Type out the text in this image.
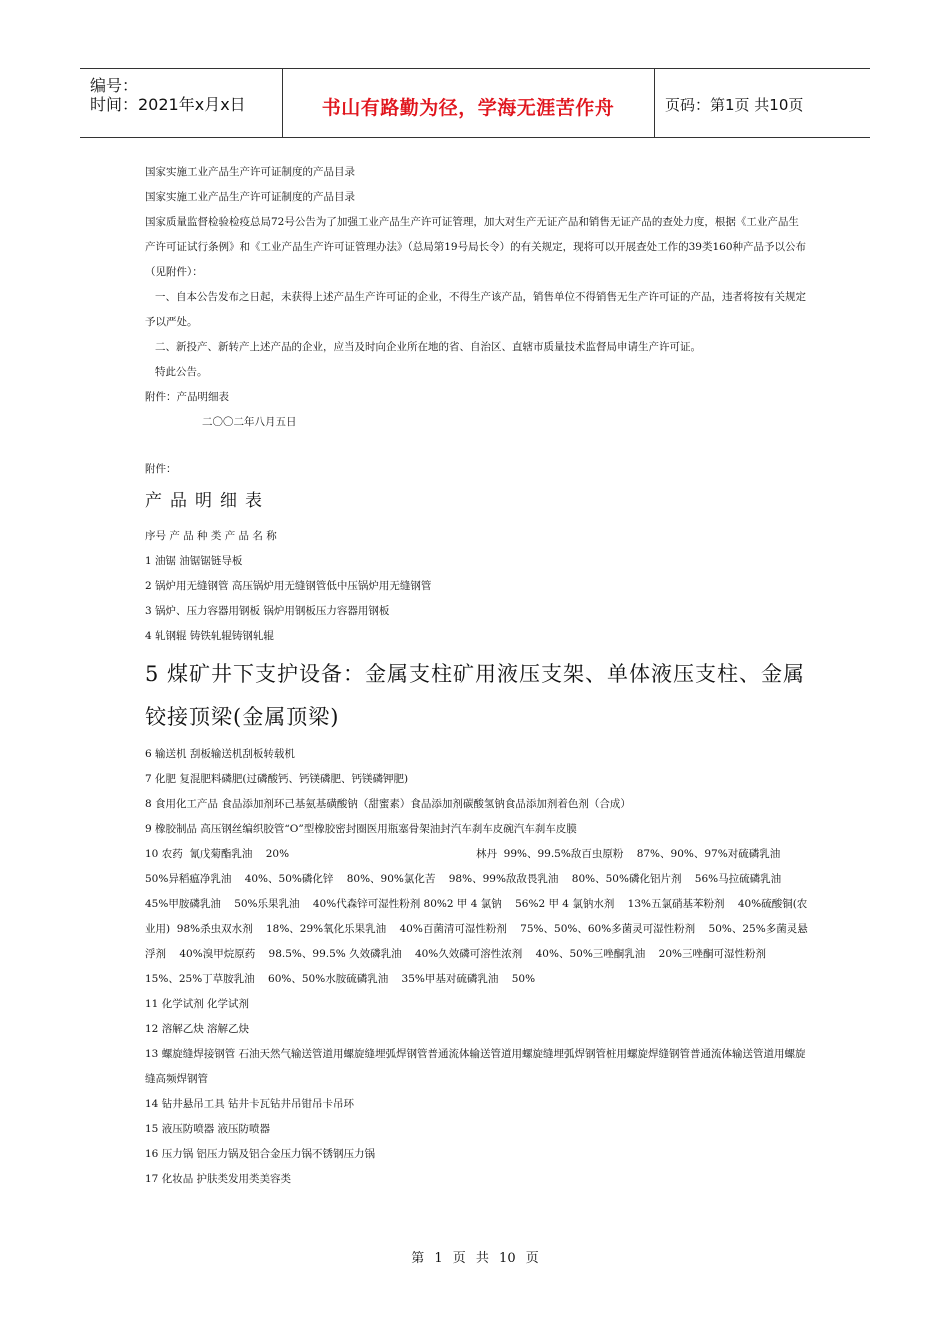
编号：
时间：2021年x月x日	书山有路勤为径，学海无涯苦作舟	页码：第1页 共10页

国家实施工业产品生产许可证制度的产品目录

国家实施工业产品生产许可证制度的产品目录

国家质量监督检验检疫总局72号公告为了加强工业产品生产许可证管理，加大对生产无证产品和销售无证产品的查处力度，根据《工业产品生产许可证试行条例》和《工业产品生产许可证管理办法》（总局第19号局长令）的有关规定，现将可以开展查处工作的39类160种产品予以公布（见附件）：

一、自本公告发布之日起，未获得上述产品生产许可证的企业，不得生产该产品，销售单位不得销售无生产许可证的产品，违者将按有关规定予以严处。

二、新投产、新转产上述产品的企业，应当及时向企业所在地的省、自治区、直辖市质量技术监督局申请生产许可证。

特此公告。

附件：产品明细表

二〇〇二年八月五日

附件：

产品明细表

序号 产 品 种 类 产 品 名 称

1 油锯 油锯锯链导板

2 锅炉用无缝钢管 高压锅炉用无缝钢管低中压锅炉用无缝钢管

3 锅炉、压力容器用钢板 锅炉用钢板压力容器用钢板

4 轧钢辊 铸铁轧辊铸钢轧辊

5 煤矿井下支护设备：金属支柱矿用液压支架、单体液压支柱、金属铰接顶梁(金属顶梁)

6 输送机 刮板输送机刮板转载机

7 化肥 复混肥料磷肥(过磷酸钙、钙镁磷肥、钙镁磷钾肥)

8 食用化工产品 食品添加剂环己基氨基磺酸钠（甜蜜素）食品添加剂碳酸氢钠食品添加剂着色剂（合成）

9 橡胶制品 高压钢丝编织胶管“O”型橡胶密封圈医用瓶塞骨架油封汽车刹车皮碗汽车刹车皮膜

10 农药  氰戊菊酯乳油    20%                                                        林丹  99%、99.5%敌百虫原粉    87%、90%、97%对硫磷乳油    50%异稻瘟净乳油    40%、50%磷化锌    80%、90%氯化苦    98%、99%敌敌畏乳油    80%、50%磷化铝片剂    56%马拉硫磷乳油  45%甲胺磷乳油    50%乐果乳油    40%代森锌可湿性粉剂 80%2 甲 4 氯钠    56%2 甲 4 氯钠水剂    13%五氯硝基苯粉剂    40%硫酸铜(农业用)  98%杀虫双水剂    18%、29%氧化乐果乳油    40%百菌清可湿性粉剂    75%、50%、60%多菌灵可湿性粉剂    50%、25%多菌灵悬浮剂    40%溴甲烷原药    98.5%、99.5% 久效磷乳油    40%久效磷可溶性浓剂    40%、50%三唑酮乳油    20%三唑酮可湿性粉剂    15%、25%丁草胺乳油    60%、50%水胺硫磷乳油    35%甲基对硫磷乳油    50%

11 化学试剂 化学试剂

12 溶解乙炔 溶解乙炔

13 螺旋缝焊接钢管 石油天然气输送管道用螺旋缝埋弧焊钢管普通流体输送管道用螺旋缝埋弧焊钢管桩用螺旋焊缝钢管普通流体输送管道用螺旋缝高频焊钢管

14 钻井悬吊工具 钻井卡瓦钻井吊钳吊卡吊环

15 液压防喷器 液压防喷器

16 压力锅 铝压力锅及铝合金压力锅不锈钢压力锅

17 化妆品 护肤类发用类美容类

第 1 页 共 10 页
